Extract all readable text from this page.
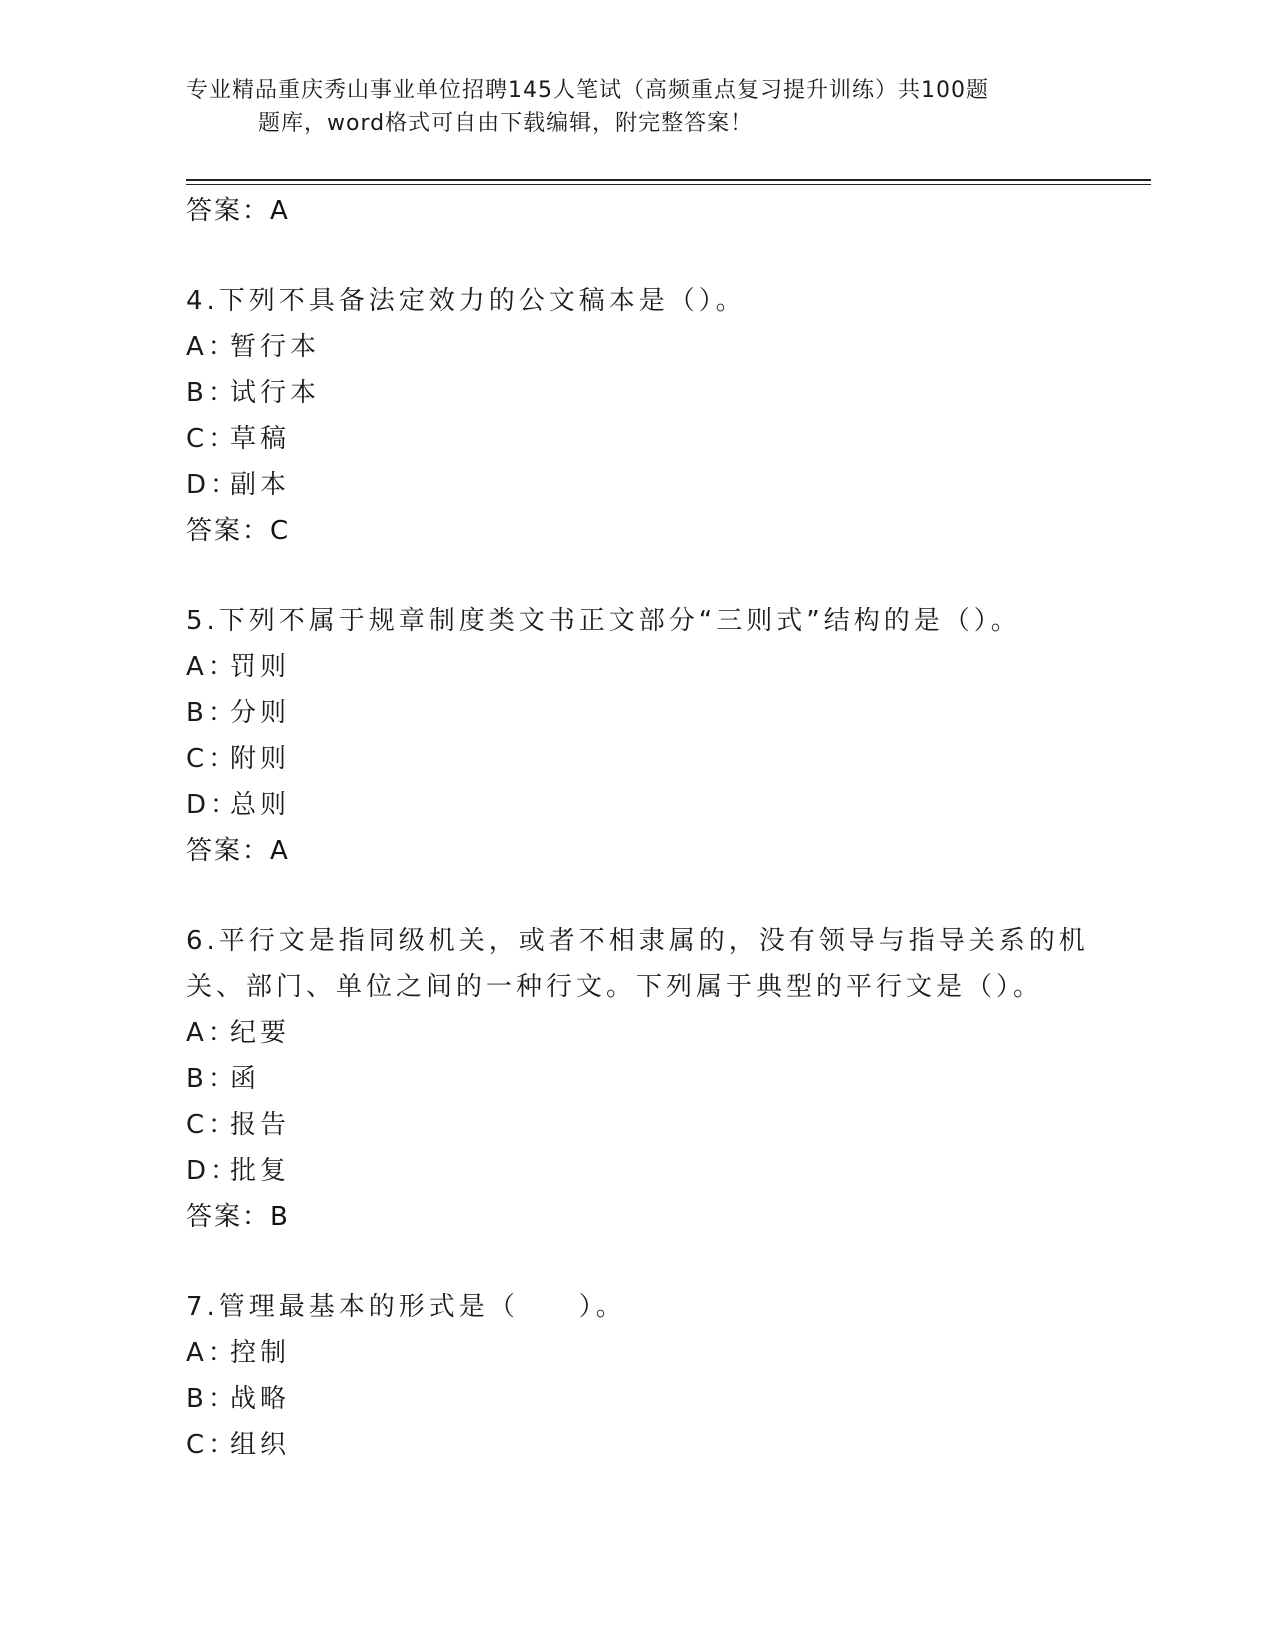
专业精品重庆秀山事业单位招聘145人笔试（高频重点复习提升训练）共100题
题库，word格式可自由下载编辑，附完整答案！
答案：A
4.下列不具备法定效力的公文稿本是（）。
A：暂行本
B：试行本
C：草稿
D：副本
答案：C
5.下列不属于规章制度类文书正文部分“三则式”结构的是（）。
A：罚则
B：分则
C：附则
D：总则
答案：A
6.平行文是指同级机关，或者不相隶属的，没有领导与指导关系的机
关、部门、单位之间的一种行文。下列属于典型的平行文是（）。
A：纪要
B：函
C：报告
D：批复
答案：B
7.管理最基本的形式是（　　）。
A：控制
B：战略
C：组织
